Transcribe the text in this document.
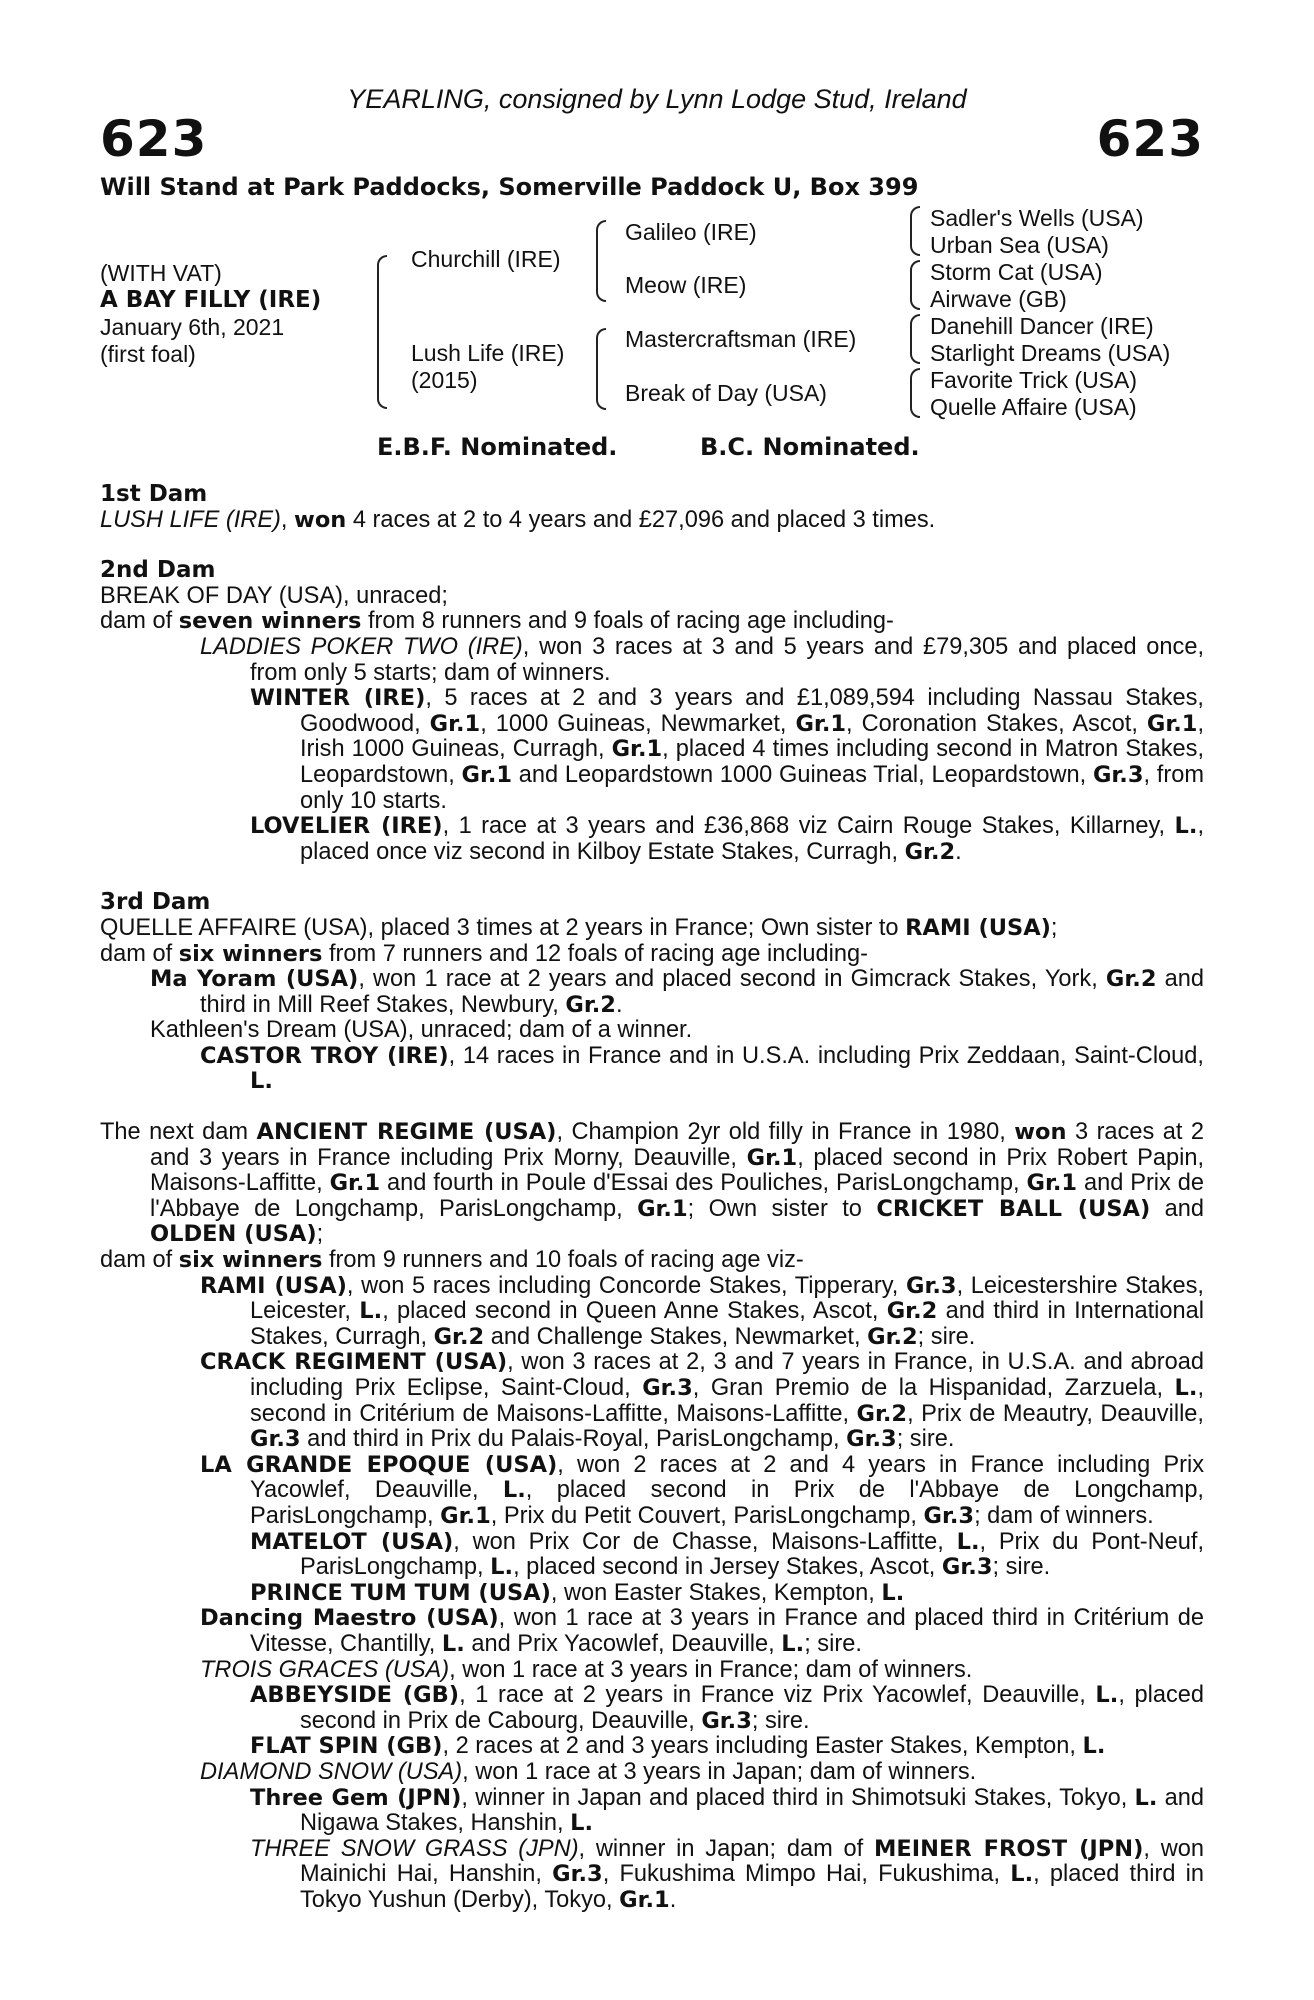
YEARLING, consigned by Lynn Lodge Stud, Ireland
623	623
Will Stand at Park Paddocks, Somerville Paddock U, Box 399
(WITH VAT)
A BAY FILLY (IRE)
January 6th, 2021
(first foal)
Churchill (IRE)
Lush Life (IRE)
(2015)
Galileo (IRE)
Meow (IRE)
Mastercraftsman (IRE)
Break of Day (USA)
Sadler's Wells (USA)
Urban Sea (USA)
Storm Cat (USA)
Airwave (GB)
Danehill Dancer (IRE)
Starlight Dreams (USA)
Favorite Trick (USA)
Quelle Affaire (USA)
E.B.F. Nominated.	B.C. Nominated.
1st Dam

LUSH LIFE (IRE), won 4 races at 2 to 4 years and £27,096 and placed 3 times.

2nd Dam

BREAK OF DAY (USA), unraced;

dam of seven winners from 8 runners and 9 foals of racing age including-

LADDIES POKER TWO (IRE), won 3 races at 3 and 5 years and £79,305 and placed once, from only 5 starts; dam of winners.

WINTER (IRE), 5 races at 2 and 3 years and £1,089,594 including Nassau Stakes, Goodwood, Gr.1, 1000 Guineas, Newmarket, Gr.1, Coronation Stakes, Ascot, Gr.1, Irish 1000 Guineas, Curragh, Gr.1, placed 4 times including second in Matron Stakes, Leopardstown, Gr.1 and Leopardstown 1000 Guineas Trial, Leopardstown, Gr.3, from only 10 starts.

LOVELIER (IRE), 1 race at 3 years and £36,868 viz Cairn Rouge Stakes, Killarney, L., placed once viz second in Kilboy Estate Stakes, Curragh, Gr.2.

3rd Dam

QUELLE AFFAIRE (USA), placed 3 times at 2 years in France; Own sister to RAMI (USA);

dam of six winners from 7 runners and 12 foals of racing age including-

Ma Yoram (USA), won 1 race at 2 years and placed second in Gimcrack Stakes, York, Gr.2 and third in Mill Reef Stakes, Newbury, Gr.2.

Kathleen's Dream (USA), unraced; dam of a winner.

CASTOR TROY (IRE), 14 races in France and in U.S.A. including Prix Zeddaan, Saint-Cloud, L.

The next dam ANCIENT REGIME (USA), Champion 2yr old filly in France in 1980, won 3 races at 2 and 3 years in France including Prix Morny, Deauville, Gr.1, placed second in Prix Robert Papin, Maisons-Laffitte, Gr.1 and fourth in Poule d'Essai des Pouliches, ParisLongchamp, Gr.1 and Prix de l'Abbaye de Longchamp, ParisLongchamp, Gr.1; Own sister to CRICKET BALL (USA) and OLDEN (USA);

dam of six winners from 9 runners and 10 foals of racing age viz-

RAMI (USA), won 5 races including Concorde Stakes, Tipperary, Gr.3, Leicestershire Stakes, Leicester, L., placed second in Queen Anne Stakes, Ascot, Gr.2 and third in International Stakes, Curragh, Gr.2 and Challenge Stakes, Newmarket, Gr.2; sire.

CRACK REGIMENT (USA), won 3 races at 2, 3 and 7 years in France, in U.S.A. and abroad including Prix Eclipse, Saint-Cloud, Gr.3, Gran Premio de la Hispanidad, Zarzuela, L., second in Critérium de Maisons-Laffitte, Maisons-Laffitte, Gr.2, Prix de Meautry, Deauville, Gr.3 and third in Prix du Palais-Royal, ParisLongchamp, Gr.3; sire.

LA GRANDE EPOQUE (USA), won 2 races at 2 and 4 years in France including Prix Yacowlef, Deauville, L., placed second in Prix de l'Abbaye de Longchamp, ParisLongchamp, Gr.1, Prix du Petit Couvert, ParisLongchamp, Gr.3; dam of winners.

MATELOT (USA), won Prix Cor de Chasse, Maisons-Laffitte, L., Prix du Pont-Neuf, ParisLongchamp, L., placed second in Jersey Stakes, Ascot, Gr.3; sire.

PRINCE TUM TUM (USA), won Easter Stakes, Kempton, L.

Dancing Maestro (USA), won 1 race at 3 years in France and placed third in Critérium de Vitesse, Chantilly, L. and Prix Yacowlef, Deauville, L.; sire.

TROIS GRACES (USA), won 1 race at 3 years in France; dam of winners.

ABBEYSIDE (GB), 1 race at 2 years in France viz Prix Yacowlef, Deauville, L., placed second in Prix de Cabourg, Deauville, Gr.3; sire.

FLAT SPIN (GB), 2 races at 2 and 3 years including Easter Stakes, Kempton, L.

DIAMOND SNOW (USA), won 1 race at 3 years in Japan; dam of winners.

Three Gem (JPN), winner in Japan and placed third in Shimotsuki Stakes, Tokyo, L. and Nigawa Stakes, Hanshin, L.

THREE SNOW GRASS (JPN), winner in Japan; dam of MEINER FROST (JPN), won Mainichi Hai, Hanshin, Gr.3, Fukushima Mimpo Hai, Fukushima, L., placed third in Tokyo Yushun (Derby), Tokyo, Gr.1.
